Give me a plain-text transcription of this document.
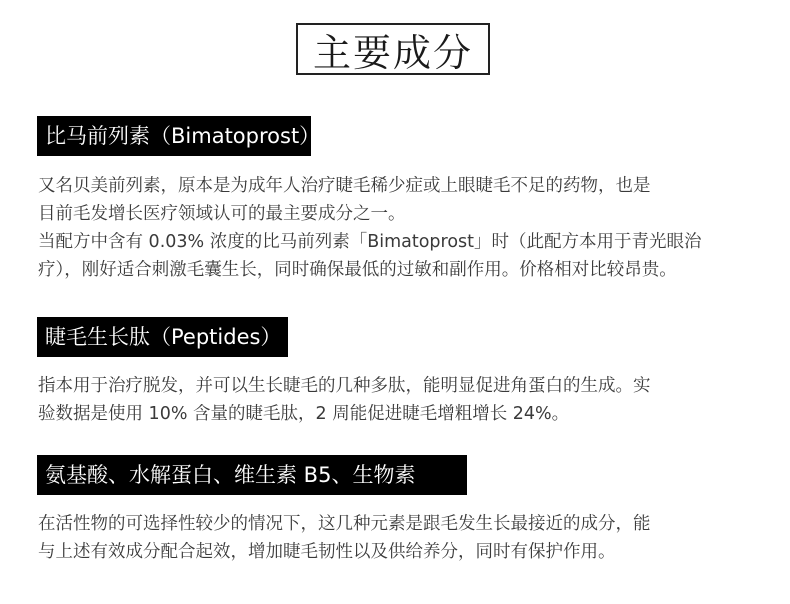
主要成分
比马前列素（Bimatoprost）
又名贝美前列素，原本是为成年人治疗睫毛稀少症或上眼睫毛不足的药物，也是
目前毛发增长医疗领域认可的最主要成分之一。
当配方中含有 0.03% 浓度的比马前列素「Bimatoprost」时（此配方本用于青光眼治
疗），刚好适合刺激毛囊生长，同时确保最低的过敏和副作用。价格相对比较昂贵。
睫毛生长肽（Peptides）
指本用于治疗脱发，并可以生长睫毛的几种多肽，能明显促进角蛋白的生成。实
验数据是使用 10% 含量的睫毛肽，2 周能促进睫毛增粗增长 24%。
氨基酸、水解蛋白、维生素 B5、生物素
在活性物的可选择性较少的情况下，这几种元素是跟毛发生长最接近的成分，能
与上述有效成分配合起效，增加睫毛韧性以及供给养分，同时有保护作用。
